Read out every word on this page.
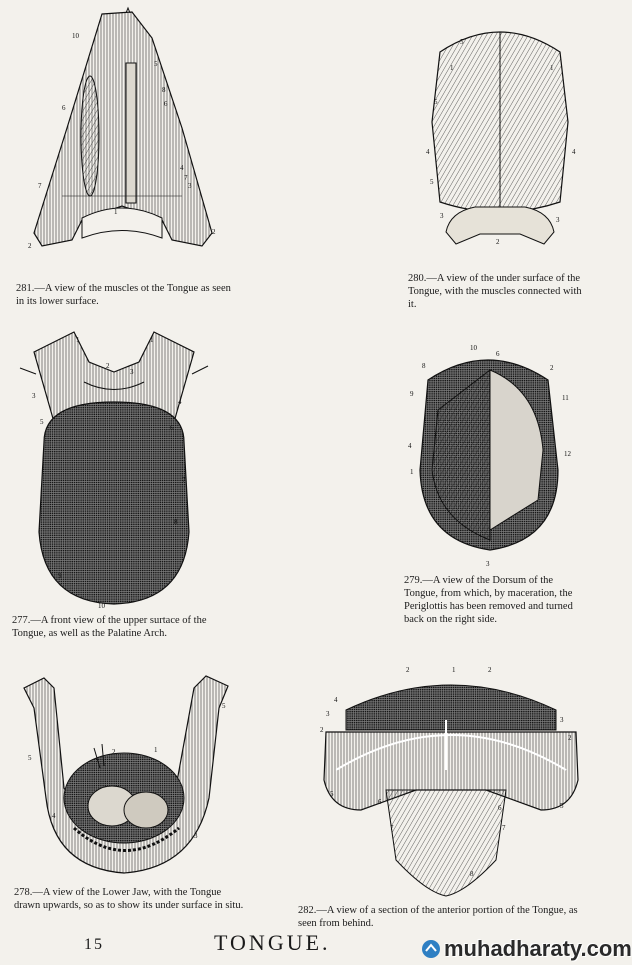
10
5
6
8
6
4
7	3
7
1
2
2
281.—A view of the muscles ot the Tongue as seen in its lower surface.
5
1	1
5
4	4
5
3	3
2
280.—A view of the under surface of the Tongue, with the muscles connected with it.
1	1
2
3
3
4
5
6
7
8
9
10
277.—A front view of the upper surtace of the Tongue, as well as the Palatine Arch.
10
6
8	2
9	11
4
12
1
5
3
279.—A view of the Dorsum of the Tongue, from which, by maceration, the Periglottis has been removed and turned back on the right side.
5
5
2	1
4
3
278.—A view of the Lower Jaw, with the Tongue drawn upwards, so as to show its under surface in situ.
2	1	2
4
3
3
2
2
5
5
6
6
7	7
8
282.—A view of a section of the anterior portion of the Tongue, as seen from behind.
15	TONGUE.	muhadharaty.com
